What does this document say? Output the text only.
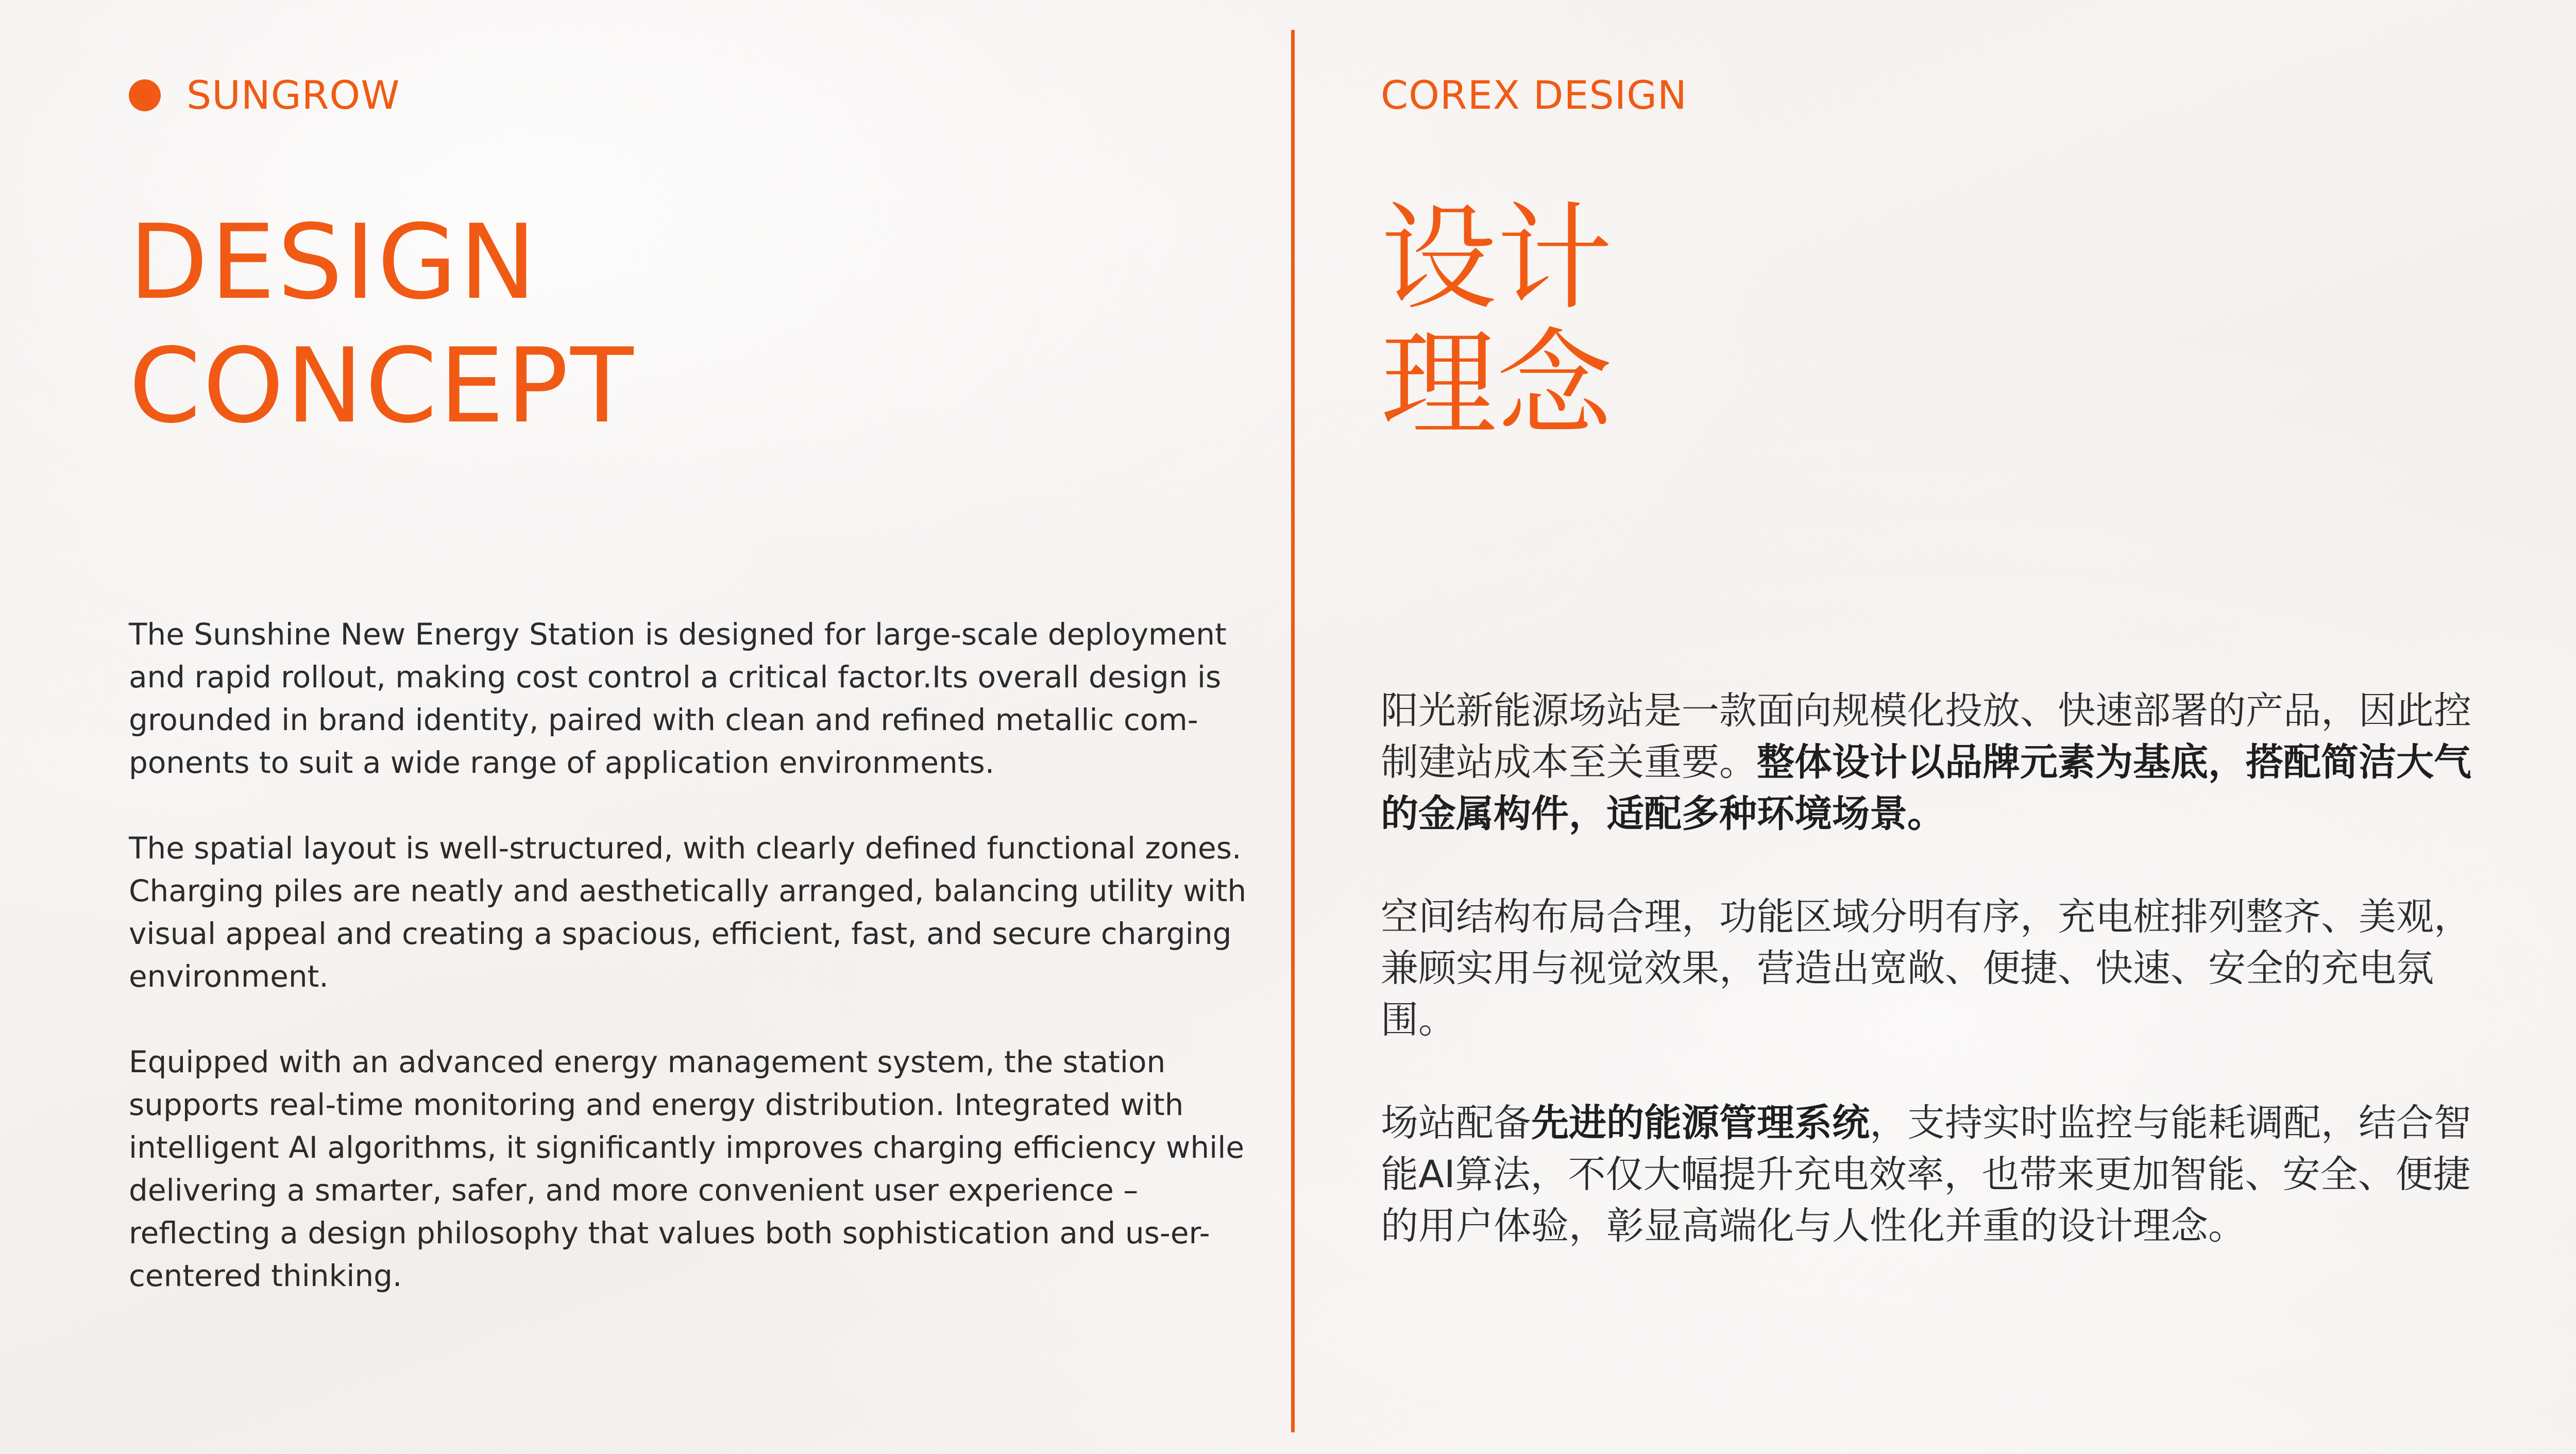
SUNGROW
DESIGN
CONCEPT

The Sunshine New Energy Station is designed for large-scale deployment and rapid rollout, making cost control a critical factor.Its overall design is grounded in brand identity, paired with clean and refined metallic com-ponents to suit a wide range of application environments.

The spatial layout is well-structured, with clearly defined functional zones. Charging piles are neatly and aesthetically arranged, balancing utility with visual appeal and creating a spacious, efficient, fast, and secure charging environment.

Equipped with an advanced energy management system, the station supports real-time monitoring and energy distribution. Integrated with intelligent AI algorithms, it significantly improves charging efficiency while delivering a smarter, safer, and more convenient user experience – reflecting a design philosophy that values both sophistication and us-er-centered thinking.

COREX DESIGN
设计
理念

阳光新能源场站是一款面向规模化投放、快速部署的产品，因此控制建站成本至关重要。整体设计以品牌元素为基底，搭配简洁大气的金属构件，适配多种环境场景。

空间结构布局合理，功能区域分明有序，充电桩排列整齐、美观，兼顾实用与视觉效果，营造出宽敞、便捷、快速、安全的充电氛围。

场站配备先进的能源管理系统，支持实时监控与能耗调配，结合智能AI算法，不仅大幅提升充电效率，也带来更加智能、安全、便捷的用户体验，彰显高端化与人性化并重的设计理念。
